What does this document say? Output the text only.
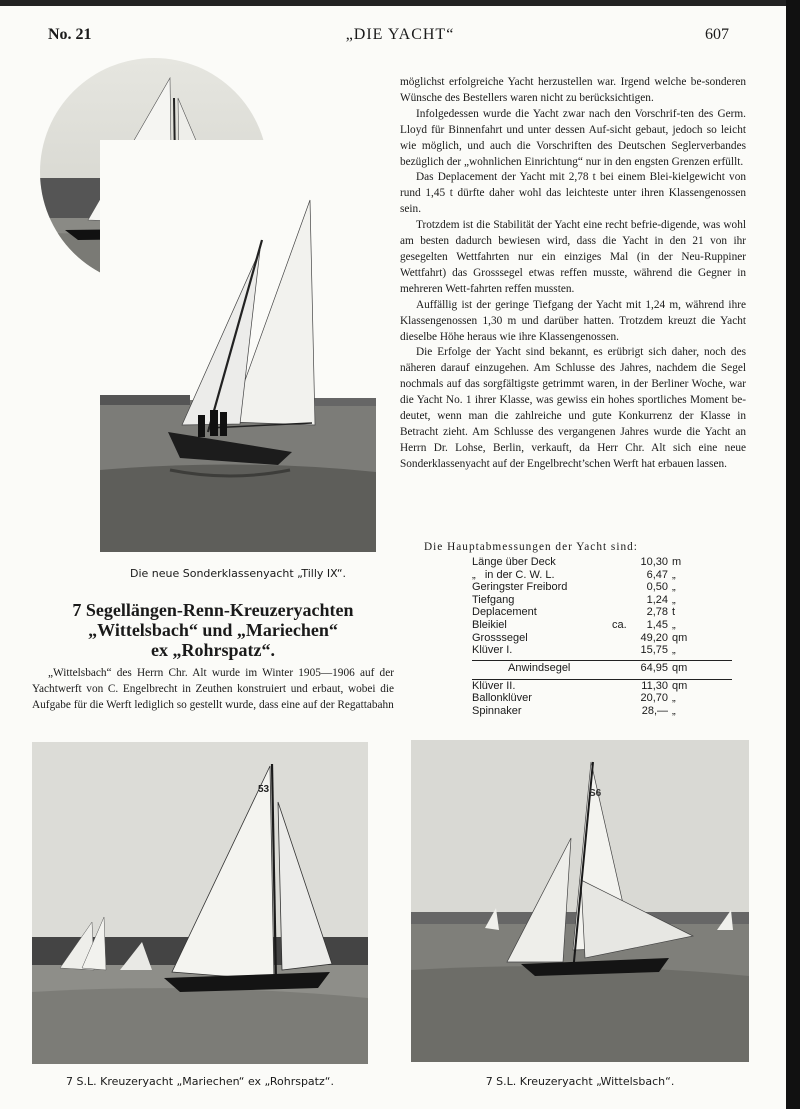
No. 21	„DIE YACHT“	607
Die neue Sonderklassenyacht „Tilly IX“.
7 Segellängen-Renn-Kreuzeryachten
„Wittelsbach“ und „Mariechen“
ex „Rohrspatz“.

„Wittelsbach“ des Herrn Chr. Alt wurde im Winter 1905—1906 auf der Yachtwerft von C. Engelbrecht in Zeuthen konstruiert und erbaut, wobei die Aufgabe für die Werft lediglich so gestellt wurde, dass eine auf der Regattabahn

möglichst erfolgreiche Yacht herzustellen war. Irgend welche be-sonderen Wünsche des Bestellers waren nicht zu berücksichtigen.

Infolgedessen wurde die Yacht zwar nach den Vorschrif-ten des Germ. Lloyd für Binnenfahrt und unter dessen Auf-sicht gebaut, jedoch so leicht wie möglich, und auch die Vorschriften des Deutschen Seglerverbandes bezüglich der „wohnlichen Einrichtung“ nur in den engsten Grenzen erfüllt.

Das Deplacement der Yacht mit 2,78 t bei einem Blei-kielgewicht von rund 1,45 t dürfte daher wohl das leichteste unter ihren Klassengenossen sein.

Trotzdem ist die Stabilität der Yacht eine recht befrie-digende, was wohl am besten dadurch bewiesen wird, dass die Yacht in den 21 von ihr gesegelten Wettfahrten nur ein einziges Mal (in der Neu-Ruppiner Wettfahrt) das Grosssegel etwas reffen musste, während die Gegner in mehreren Wett-fahrten reffen mussten.

Auffällig ist der geringe Tiefgang der Yacht mit 1,24 m, während ihre Klassengenossen 1,30 m und darüber hatten. Trotzdem kreuzt die Yacht dieselbe Höhe heraus wie ihre Klassengenossen.

Die Erfolge der Yacht sind bekannt, es erübrigt sich daher, noch des näheren darauf einzugehen. Am Schlusse des Jahres, nachdem die Segel nochmals auf das sorgfältigste getrimmt waren, in der Berliner Woche, war die Yacht No. 1 ihrer Klasse, was gewiss ein hohes sportliches Moment be-deutet, wenn man die zahlreiche und gute Konkurrenz der Klasse in Betracht zieht. Am Schlusse des vergangenen Jahres wurde die Yacht an Herrn Dr. Lohse, Berlin, verkauft, da Herr Chr. Alt sich eine neue Sonderklassenyacht auf der Engelbrecht’schen Werft hat erbauen lassen.

Die Hauptabmessungen der Yacht sind:
Länge über Deck	10,30 m
„   in der C. W. L.	6,47 „
Geringster Freibord	0,50 „
Tiefgang	1,24 „
Deplacement	2,78 t
Bleikiel	ca.	1,45 „
Grosssegel	49,20 qm
Klüver I.	15,75 „
Anwindsegel	64,95 qm
Klüver II.	11,30 qm
Ballonklüver	20,70 „
Spinnaker	28,— „
53
7 S.L. Kreuzeryacht „Mariechen“ ex „Rohrspatz“.
S6
7 S.L. Kreuzeryacht „Wittelsbach“.
